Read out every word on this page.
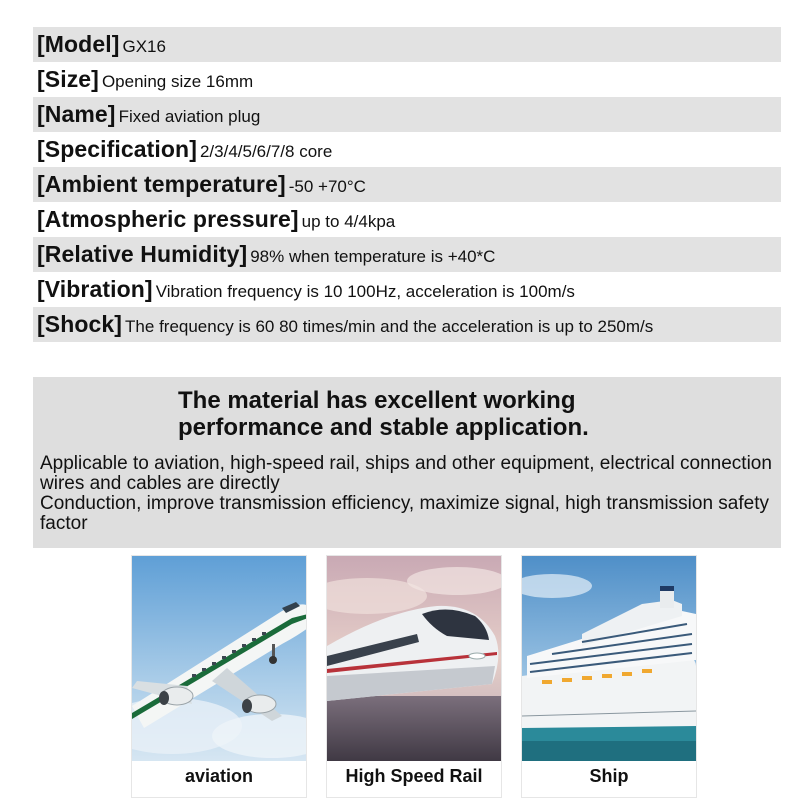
[Model] GX16
[Size] Opening size 16mm
[Name] Fixed aviation plug
[Specification] 2/3/4/5/6/7/8 core
[Ambient temperature] -50 +70°C
[Atmospheric pressure] up to 4/4kpa
[Relative Humidity] 98% when temperature is +40*C
[Vibration] Vibration frequency is 10 100Hz, acceleration is 100m/s
[Shock] The frequency is 60 80 times/min and the acceleration is up to 250m/s
The material has excellent working performance and stable application.
Applicable to aviation, high-speed rail, ships and other equipment, electrical connection wires and cables are directly
Conduction, improve transmission efficiency, maximize signal, high transmission safety factor
aviation	High Speed Rail	Ship
